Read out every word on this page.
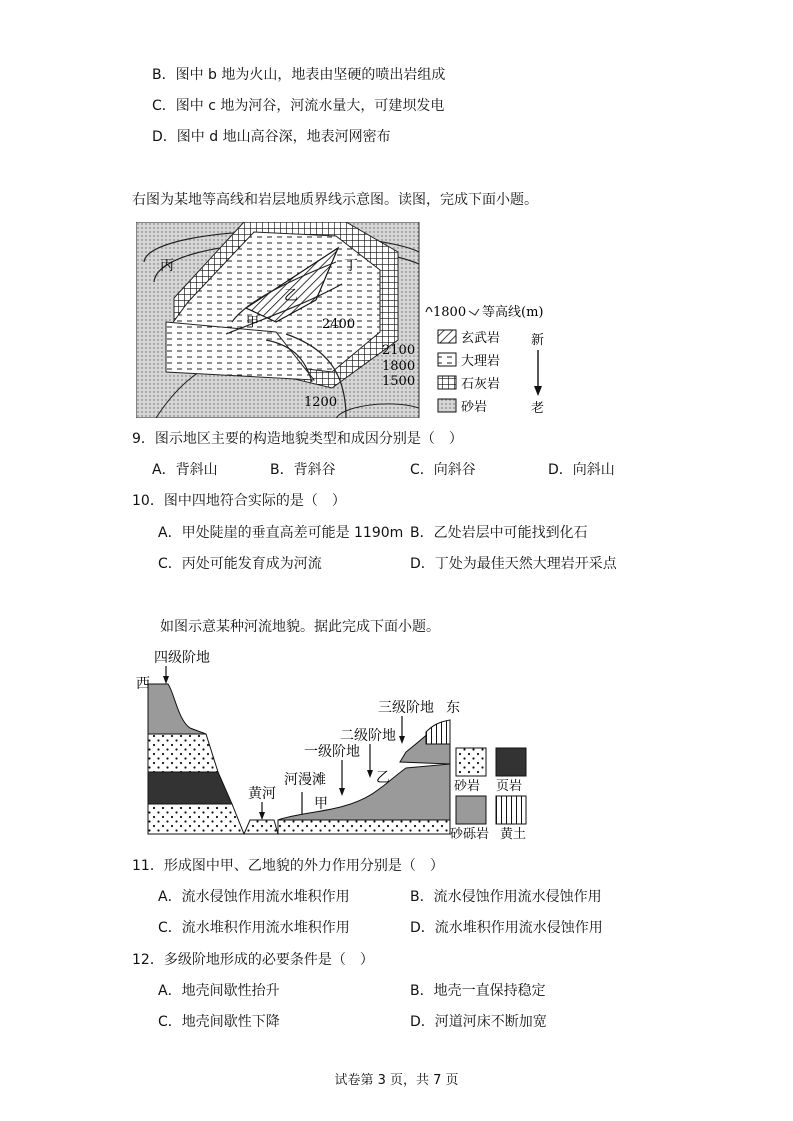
B．图中 b 地为火山，地表由坚硬的喷出岩组成
C．图中 c 地为河谷，河流水量大，可建坝发电
D．图中 d 地山高谷深，地表河网密布
右图为某地等高线和岩层地质界线示意图。读图，完成下面小题。
2400
2100
1800
1500
1200
丙	丁
乙
甲
1800 等高线(m)
玄武岩
大理岩
石灰岩
砂岩
新
老
9．图示地区主要的构造地貌类型和成因分别是（　）
A．背斜山	B．背斜谷	C．向斜谷	D．向斜山
10．图中四地符合实际的是（　）
A．甲处陡崖的垂直高差可能是 1190m B．乙处岩层中可能找到化石
C．丙处可能发育成为河流	D．丁处为最佳天然大理岩开采点
如图示意某种河流地貌。据此完成下面小题。
四级阶地
西
三级阶地 东
二级阶地
乙
一级阶地
河漫滩
甲
黄河	砂岩 页岩
砂砾岩 黄土
11．形成图中甲、乙地貌的外力作用分别是（　）
A．流水侵蚀作用流水堆积作用	B．流水侵蚀作用流水侵蚀作用
C．流水堆积作用流水堆积作用	D．流水堆积作用流水侵蚀作用
12．多级阶地形成的必要条件是（　）
A．地壳间歇性抬升	B．地壳一直保持稳定
C．地壳间歇性下降	D．河道河床不断加宽
试卷第 3 页，共 7 页
